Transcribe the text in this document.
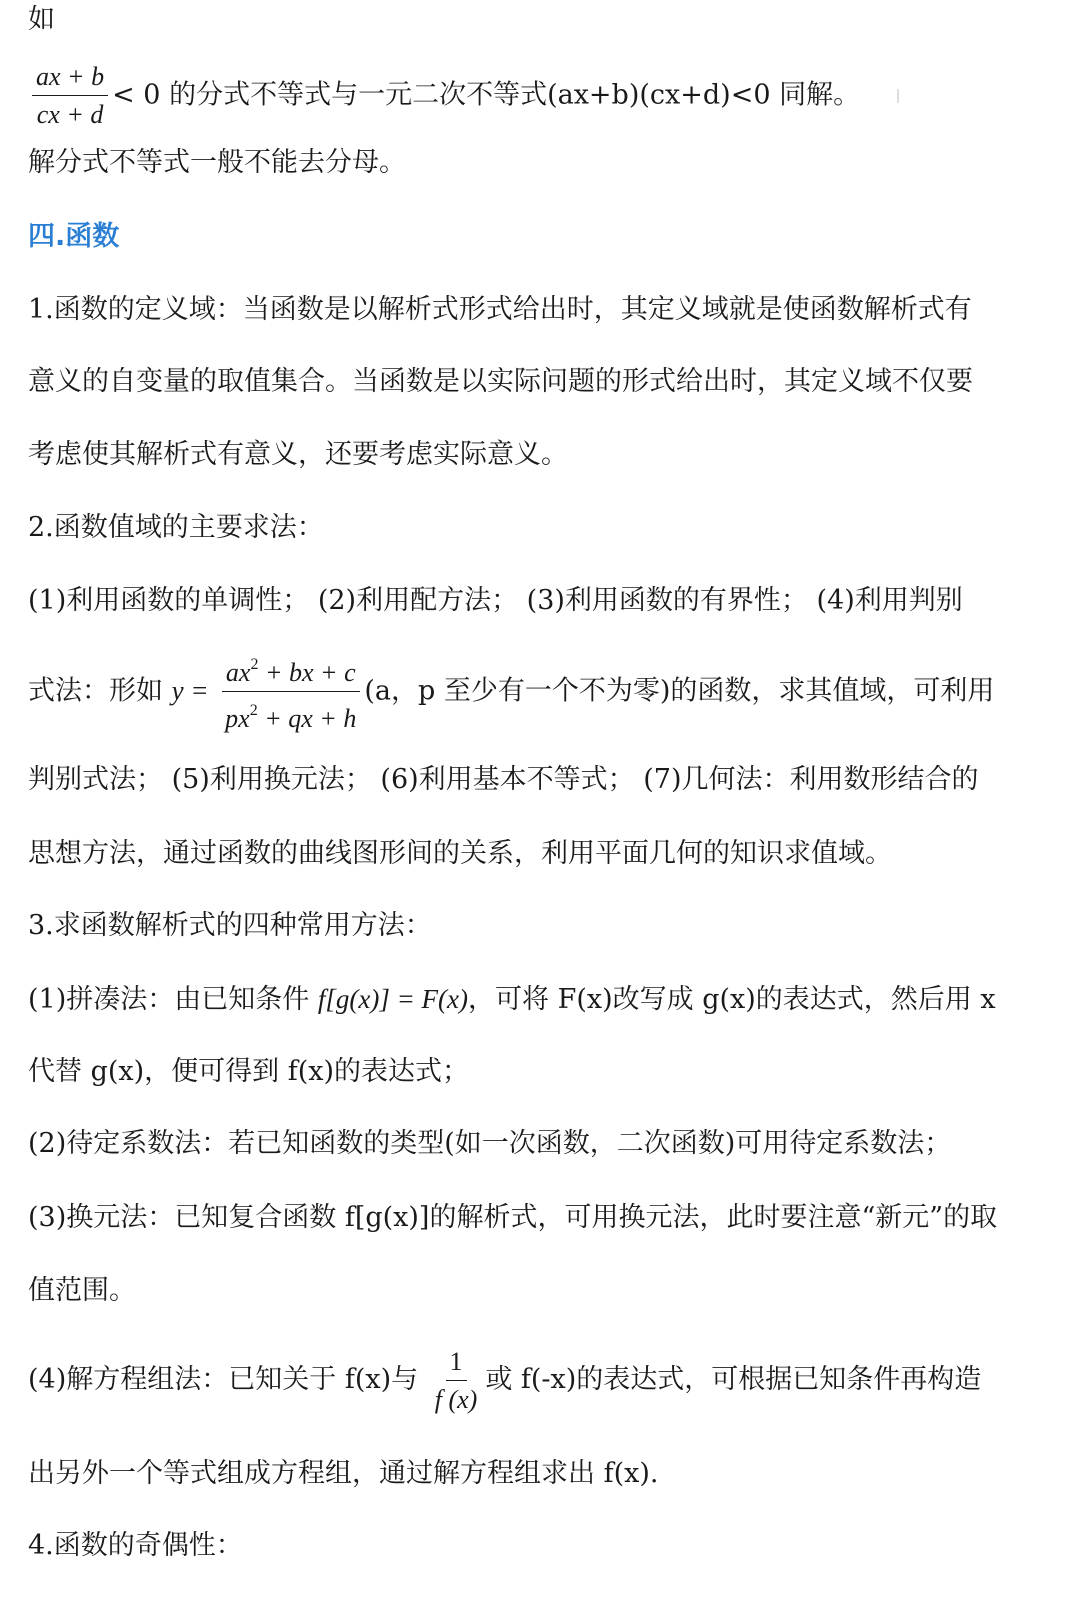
如
$\frac{ax + b}{cx + d} < 0$ 的分式不等式与一元二次不等式(ax+b)(cx+d)<0 同解。
解分式不等式一般不能去分母。
四.函数
1.函数的定义域：当函数是以解析式形式给出时，其定义域就是使函数解析式有
意义的自变量的取值集合。当函数是以实际问题的形式给出时，其定义域不仅要
考虑使其解析式有意义，还要考虑实际意义。
2.函数值域的主要求法：
(1)利用函数的单调性； (2)利用配方法； (3)利用函数的有界性； (4)利用判别
式法：形如 $y = \frac{ax^2 + bx + c}{px^2 + qx + h} (a$，p 至少有一个不为零)的函数，求其值域，可利用
判别式法； (5)利用换元法； (6)利用基本不等式； (7)几何法：利用数形结合的
思想方法，通过函数的曲线图形间的关系，利用平面几何的知识求值域。
3.求函数解析式的四种常用方法：
(1)拼凑法：由已知条件 f[g(x)] = F(x)，可将 F(x)改写成 g(x)的表达式，然后用 x
代替 g(x)，便可得到 f(x)的表达式；
(2)待定系数法：若已知函数的类型(如一次函数，二次函数)可用待定系数法；
(3)换元法：已知复合函数 f[g(x)]的解析式，可用换元法，此时要注意“新元”的取
值范围。
(4)解方程组法：已知关于 f(x)与 $\frac{1}{f (x)}$ 或 f(-x)的表达式，可根据已知条件再构造
出另外一个等式组成方程组，通过解方程组求出 f(x).
4.函数的奇偶性：
